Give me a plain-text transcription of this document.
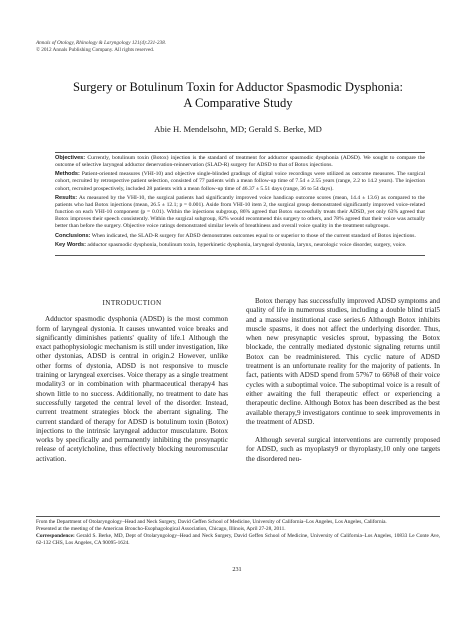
Annals of Otology, Rhinology & Laryngology 121(4):231-238.
© 2012 Annals Publishing Company. All rights reserved.
Surgery or Botulinum Toxin for Adductor Spasmodic Dysphonia:
A Comparative Study
Abie H. Mendelsohn, MD; Gerald S. Berke, MD

Objectives: Currently, botulinum toxin (Botox) injection is the standard of treatment for adductor spasmodic dysphonia (ADSD). We sought to compare the outcome of selective laryngeal adductor denervation-reinnervation (SLAD-R) surgery for ADSD to that of Botox injections.

Methods: Patient-oriented measures (VHI-10) and objective single-blinded gradings of digital voice recordings were utilized as outcome measures. The surgical cohort, recruited by retrospective patient selection, consisted of 77 patients with a mean follow-up time of 7.54 ± 2.55 years (range, 2.2 to 14.2 years). The injection cohort, recruited prospectively, included 28 patients with a mean follow-up time of 46.37 ± 5.51 days (range, 36 to 54 days).

Results: As measured by the VHI-10, the surgical patients had significantly improved voice handicap outcome scores (mean, 14.4 ± 13.6) as compared to the patients who had Botox injections (mean, 26.5 ± 12.1; p = 0.001). Aside from VHI-10 item 2, the surgical group demonstrated significantly improved voice-related function on each VHI-10 component (p = 0.01). Within the injections subgroup, 86% agreed that Botox successfully treats their ADSD, yet only 63% agreed that Botox improves their speech consistently. Within the surgical subgroup, 82% would recommend this surgery to others, and 78% agreed that their voice was actually better than before the surgery. Objective voice ratings demonstrated similar levels of breathiness and overall voice quality in the treatment subgroups.

Conclusions: When indicated, the SLAD-R surgery for ADSD demonstrates outcomes equal to or superior to those of the current standard of Botox injections.

Key Words: adductor spasmodic dysphonia, botulinum toxin, hyperkinetic dysphonia, laryngeal dystonia, larynx, neurologic voice disorder, surgery, voice.

INTRODUCTION

Adductor spasmodic dysphonia (ADSD) is the most common form of laryngeal dystonia. It causes unwanted voice breaks and significantly diminishes patients' quality of life.1 Although the exact pathophysiologic mechanism is still under investigation, like other dystonias, ADSD is central in origin.2 However, unlike other forms of dystonia, ADSD is not responsive to muscle training or laryngeal exercises. Voice therapy as a single treatment modality3 or in combination with pharmaceutical therapy4 has shown little to no success. Additionally, no treatment to date has successfully targeted the central level of the disorder. Instead, current treatment strategies block the aberrant signaling. The current standard of therapy for ADSD is botulinum toxin (Botox) injections to the intrinsic laryngeal adductor musculature. Botox works by specifically and permanently inhibiting the presynaptic release of acetylcholine, thus effectively blocking neuromuscular activation.

Botox therapy has successfully improved ADSD symptoms and quality of life in numerous studies, including a double blind trial5 and a massive institutional case series.6 Although Botox inhibits muscle spasms, it does not affect the underlying disorder. Thus, when new presynaptic vesicles sprout, bypassing the Botox blockade, the centrally mediated dystonic signaling returns until Botox can be readministered. This cyclic nature of ADSD treatment is an unfortunate reality for the majority of patients. In fact, patients with ADSD spend from 57%7 to 66%8 of their voice cycles with a suboptimal voice. The suboptimal voice is a result of either awaiting the full therapeutic effect or experiencing a therapeutic decline. Although Botox has been described as the best available therapy,9 investigators continue to seek improvements in the treatment of ADSD.

Although several surgical interventions are currently proposed for ADSD, such as myoplasty9 or thyroplasty,10 only one targets the disordered neu-

From the Department of Otolaryngology–Head and Neck Surgery, David Geffen School of Medicine, University of California–Los Angeles, Los Angeles, California.

Presented at the meeting of the American Broncho-Esophagological Association, Chicago, Illinois, April 27-28, 2011.

Correspondence: Gerald S. Berke, MD, Dept of Otolaryngology–Head and Neck Surgery, David Geffen School of Medicine, University of California–Los Angeles, 10833 Le Conte Ave, 62-132 CHS, Los Angeles, CA 90095-1624.

231
